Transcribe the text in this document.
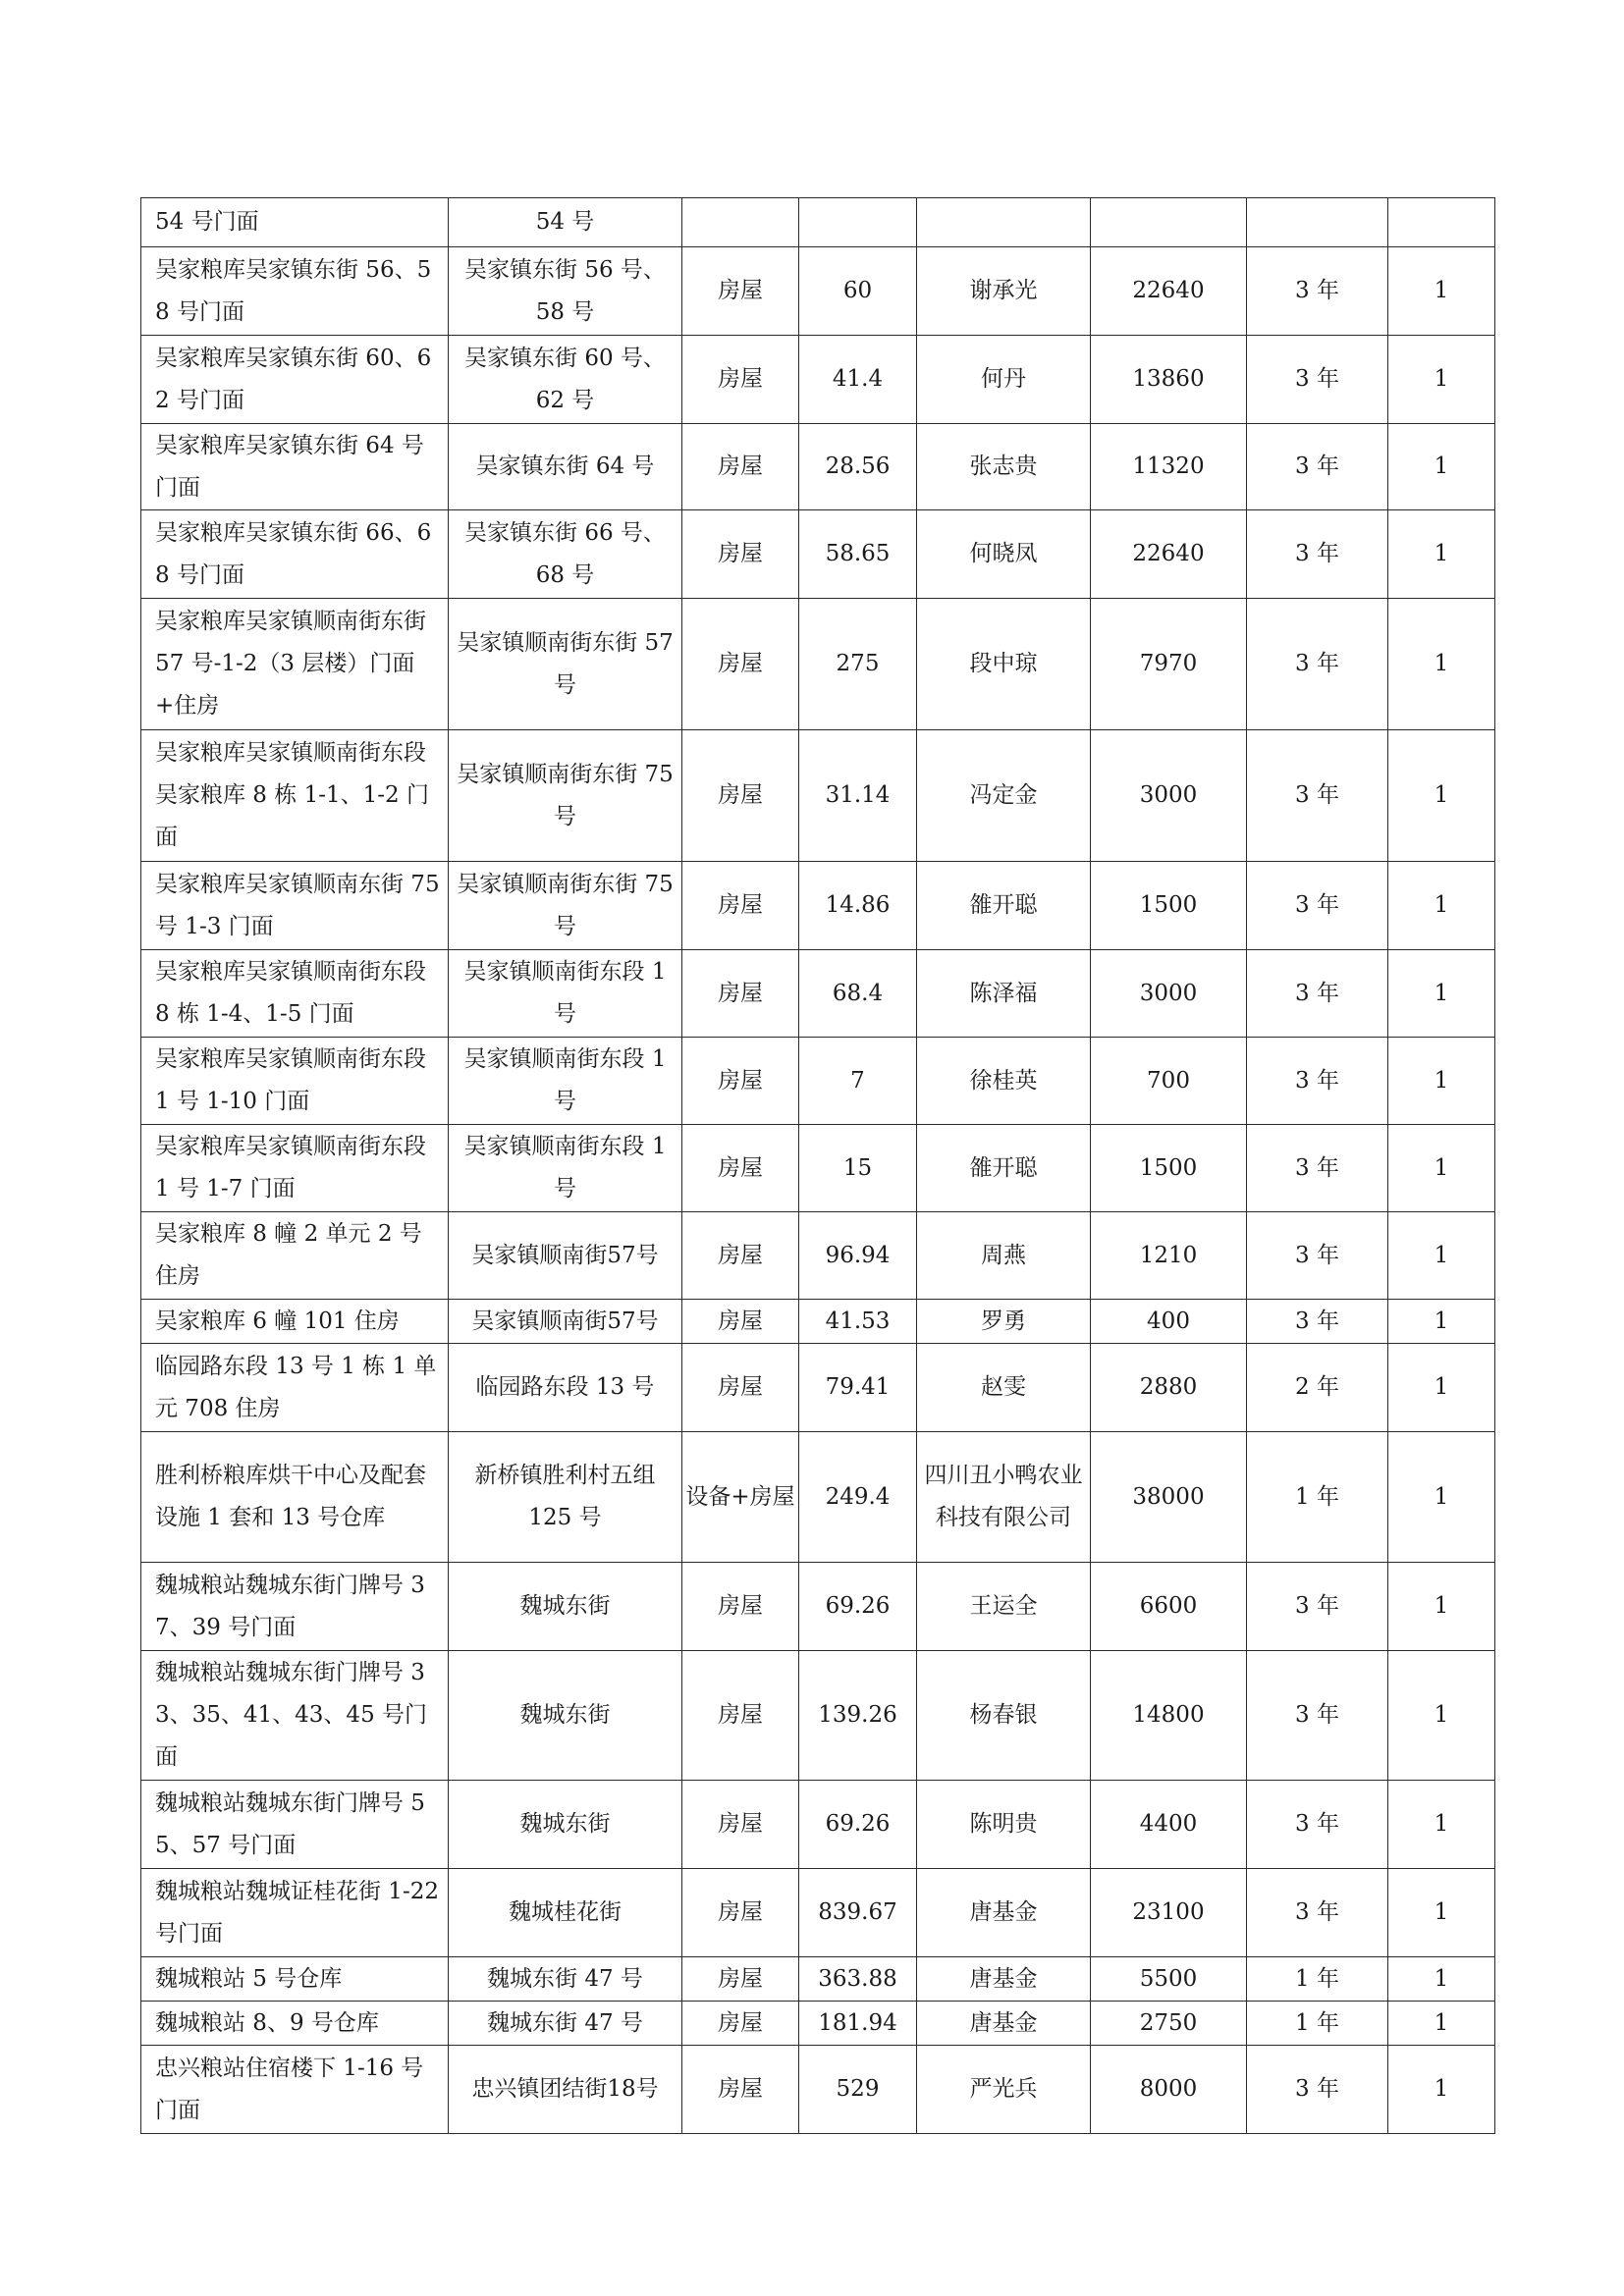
54 号门面	54 号						
吴家粮库吴家镇东街 56、58 号门面	吴家镇东街 56 号、58 号	房屋	60	谢承光	22640	3 年	1
吴家粮库吴家镇东街 60、62 号门面	吴家镇东街 60 号、62 号	房屋	41.4	何丹	13860	3 年	1
吴家粮库吴家镇东街 64 号门面	吴家镇东街 64 号	房屋	28.56	张志贵	11320	3 年	1
吴家粮库吴家镇东街 66、68 号门面	吴家镇东街 66 号、68 号	房屋	58.65	何晓凤	22640	3 年	1
吴家粮库吴家镇顺南街东街 57 号-1-2（3 层楼）门面+住房	吴家镇顺南街东街 57 号	房屋	275	段中琼	7970	3 年	1
吴家粮库吴家镇顺南街东段吴家粮库 8 栋 1-1、1-2 门面	吴家镇顺南街东街 75 号	房屋	31.14	冯定金	3000	3 年	1
吴家粮库吴家镇顺南东街 75 号 1-3 门面	吴家镇顺南街东街 75 号	房屋	14.86	雒开聪	1500	3 年	1
吴家粮库吴家镇顺南街东段 8 栋 1-4、1-5 门面	吴家镇顺南街东段 1 号	房屋	68.4	陈泽福	3000	3 年	1
吴家粮库吴家镇顺南街东段 1 号 1-10 门面	吴家镇顺南街东段 1 号	房屋	7	徐桂英	700	3 年	1
吴家粮库吴家镇顺南街东段 1 号 1-7 门面	吴家镇顺南街东段 1 号	房屋	15	雒开聪	1500	3 年	1
吴家粮库 8 幢 2 单元 2 号住房	吴家镇顺南街57号	房屋	96.94	周燕	1210	3 年	1
吴家粮库 6 幢 101 住房	吴家镇顺南街57号	房屋	41.53	罗勇	400	3 年	1
临园路东段 13 号 1 栋 1 单元 708 住房	临园路东段 13 号	房屋	79.41	赵雯	2880	2 年	1
胜利桥粮库烘干中心及配套设施 1 套和 13 号仓库	新桥镇胜利村五组 125 号	设备+房屋	249.4	四川丑小鸭农业科技有限公司	38000	1 年	1
魏城粮站魏城东街门牌号 37、39 号门面	魏城东街	房屋	69.26	王运全	6600	3 年	1
魏城粮站魏城东街门牌号 33、35、41、43、45 号门面	魏城东街	房屋	139.26	杨春银	14800	3 年	1
魏城粮站魏城东街门牌号 55、57 号门面	魏城东街	房屋	69.26	陈明贵	4400	3 年	1
魏城粮站魏城证桂花街 1-22 号门面	魏城桂花街	房屋	839.67	唐基金	23100	3 年	1
魏城粮站 5 号仓库	魏城东街 47 号	房屋	363.88	唐基金	5500	1 年	1
魏城粮站 8、9 号仓库	魏城东街 47 号	房屋	181.94	唐基金	2750	1 年	1
忠兴粮站住宿楼下 1-16 号门面	忠兴镇团结街18号	房屋	529	严光兵	8000	3 年	1
